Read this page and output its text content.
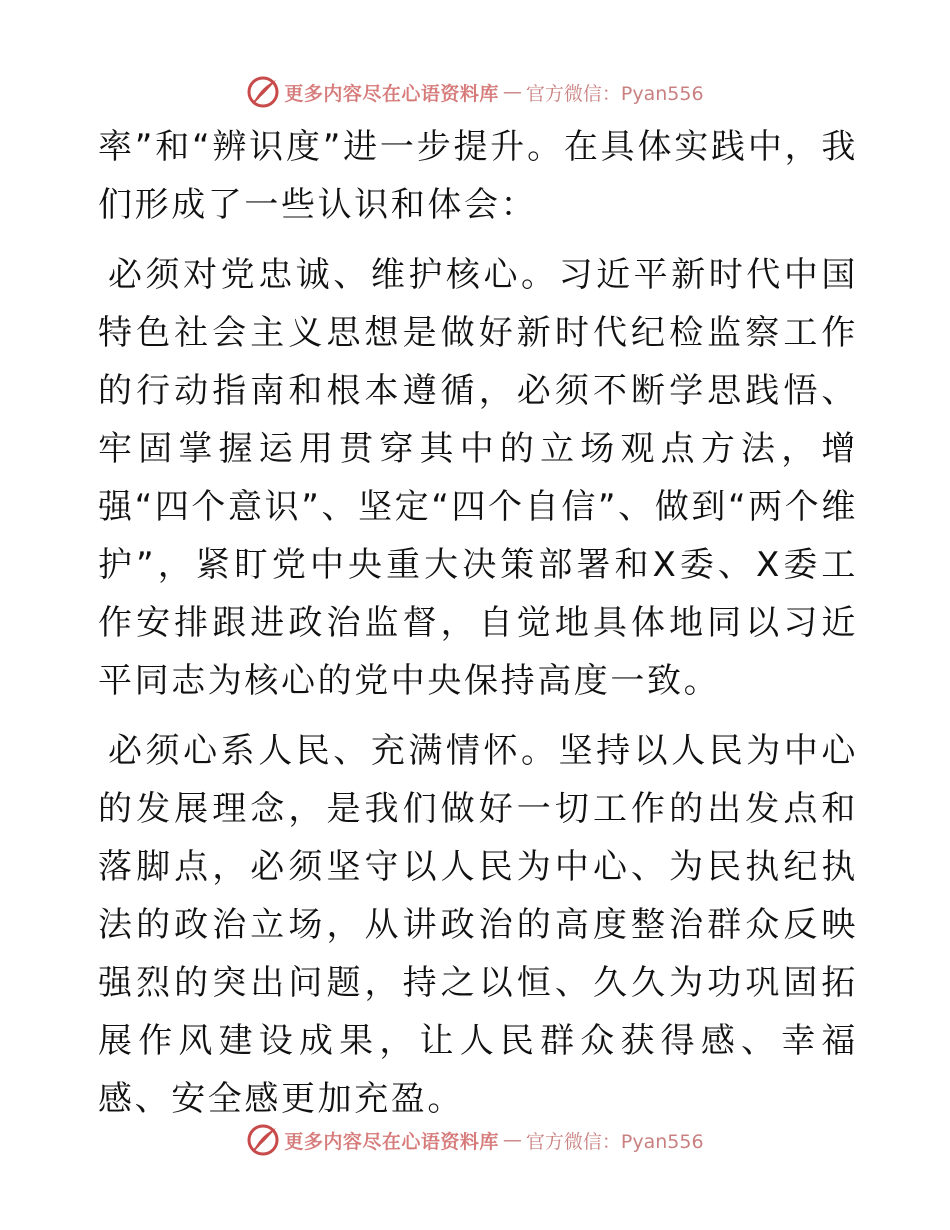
更多内容尽在心语资料库 — 官方微信：Pyan556

率”和“辨识度”进一步提升。在具体实践中，我们形成了一些认识和体会：

必须对党忠诚、维护核心。习近平新时代中国特色社会主义思想是做好新时代纪检监察工作的行动指南和根本遵循，必须不断学思践悟、牢固掌握运用贯穿其中的立场观点方法，增强“四个意识”、坚定“四个自信”、做到“两个维护”，紧盯党中央重大决策部署和X委、X委工作安排跟进政治监督，自觉地具体地同以习近平同志为核心的党中央保持高度一致。

必须心系人民、充满情怀。坚持以人民为中心的发展理念，是我们做好一切工作的出发点和落脚点，必须坚守以人民为中心、为民执纪执法的政治立场，从讲政治的高度整治群众反映强烈的突出问题，持之以恒、久久为功巩固拓展作风建设成果，让人民群众获得感、幸福感、安全感更加充盈。

更多内容尽在心语资料库 — 官方微信：Pyan556
